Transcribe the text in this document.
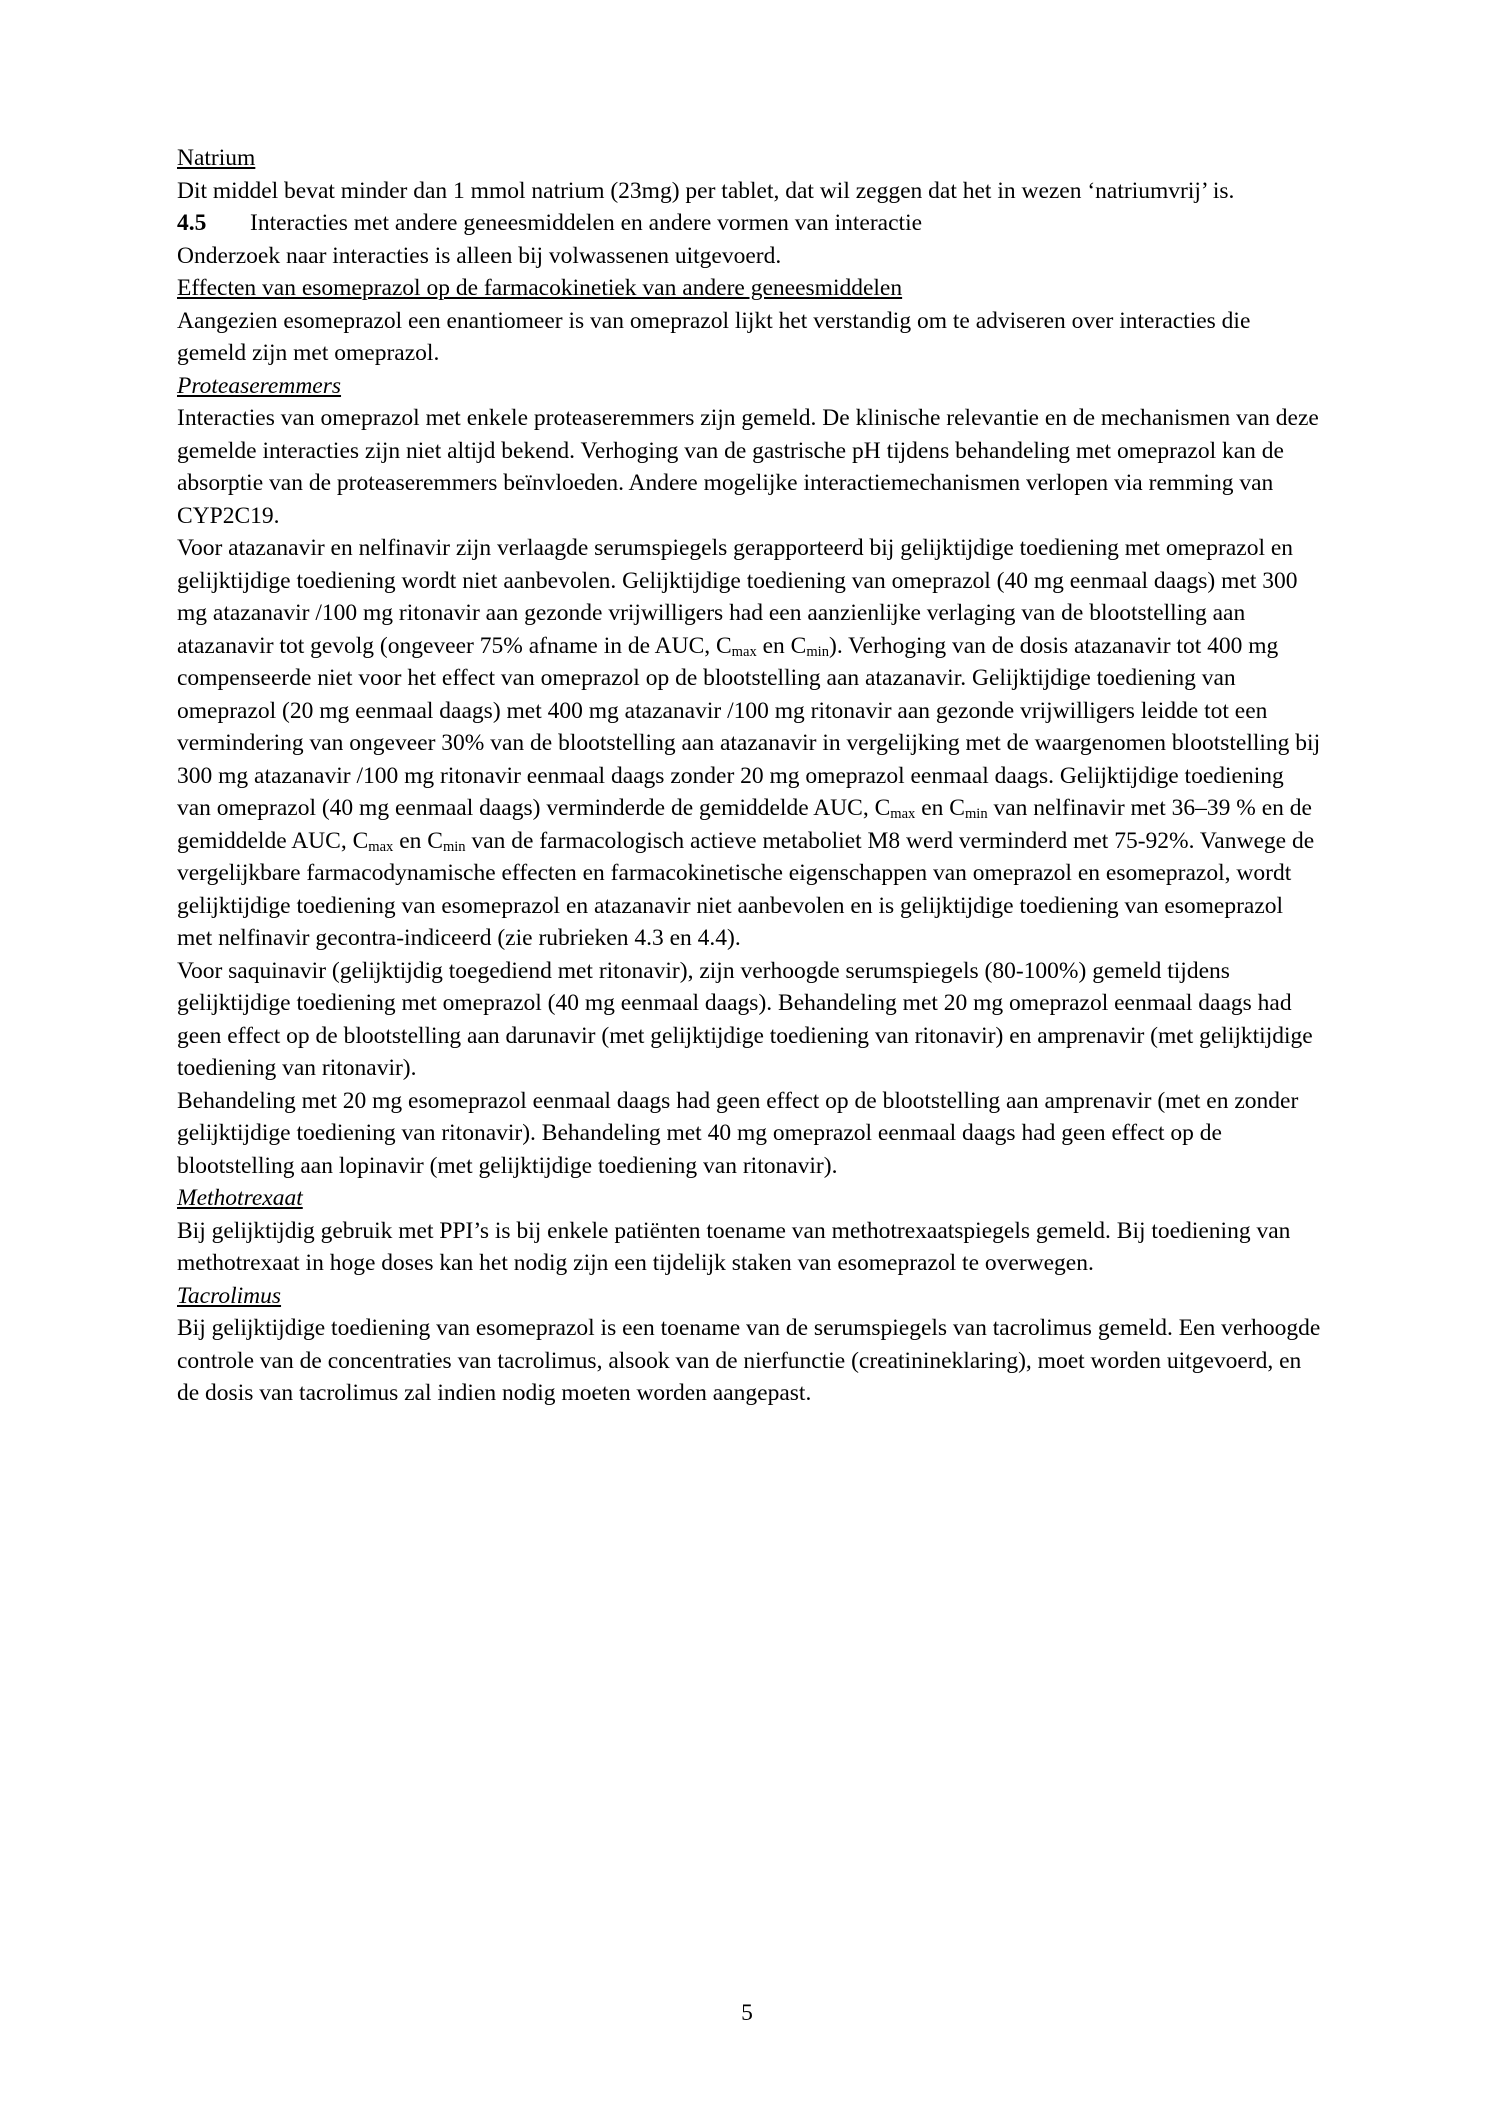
Natrium

Dit middel bevat minder dan 1 mmol natrium (23mg) per tablet, dat wil zeggen dat het in wezen ‘natriumvrij’ is.

4.5 Interacties met andere geneesmiddelen en andere vormen van interactie

Onderzoek naar interacties is alleen bij volwassenen uitgevoerd.

Effecten van esomeprazol op de farmacokinetiek van andere geneesmiddelen

Aangezien esomeprazol een enantiomeer is van omeprazol lijkt het verstandig om te adviseren over interacties die gemeld zijn met omeprazol.

Proteaseremmers

Interacties van omeprazol met enkele proteaseremmers zijn gemeld. De klinische relevantie en de mechanismen van deze gemelde interacties zijn niet altijd bekend. Verhoging van de gastrische pH tijdens behandeling met omeprazol kan de absorptie van de proteaseremmers beïnvloeden. Andere mogelijke interactiemechanismen verlopen via remming van CYP2C19.

Voor atazanavir en nelfinavir zijn verlaagde serumspiegels gerapporteerd bij gelijktijdige toediening met omeprazol en gelijktijdige toediening wordt niet aanbevolen. Gelijktijdige toediening van omeprazol (40 mg eenmaal daags) met 300 mg atazanavir /100 mg ritonavir aan gezonde vrijwilligers had een aanzienlijke verlaging van de blootstelling aan atazanavir tot gevolg (ongeveer 75% afname in de AUC, $C_{max}$ en $C_{min}$). Verhoging van de dosis atazanavir tot 400 mg compenseerde niet voor het effect van omeprazol op de blootstelling aan atazanavir. Gelijktijdige toediening van omeprazol (20 mg eenmaal daags) met 400 mg atazanavir /100 mg ritonavir aan gezonde vrijwilligers leidde tot een vermindering van ongeveer 30% van de blootstelling aan atazanavir in vergelijking met de waargenomen blootstelling bij 300 mg atazanavir /100 mg ritonavir eenmaal daags zonder 20 mg omeprazol eenmaal daags. Gelijktijdige toediening van omeprazol (40 mg eenmaal daags) verminderde de gemiddelde AUC, $C_{max}$ en $C_{min}$ van nelfinavir met 36–39 % en de gemiddelde AUC, $C_{max}$ en $C_{min}$ van de farmacologisch actieve metaboliet M8 werd verminderd met 75-92%. Vanwege de vergelijkbare farmacodynamische effecten en farmacokinetische eigenschappen van omeprazol en esomeprazol, wordt gelijktijdige toediening van esomeprazol en atazanavir niet aanbevolen en is gelijktijdige toediening van esomeprazol met nelfinavir gecontra-indiceerd (zie rubrieken 4.3 en 4.4).

Voor saquinavir (gelijktijdig toegediend met ritonavir), zijn verhoogde serumspiegels (80-100%) gemeld tijdens gelijktijdige toediening met omeprazol (40 mg eenmaal daags). Behandeling met 20 mg omeprazol eenmaal daags had geen effect op de blootstelling aan darunavir (met gelijktijdige toediening van ritonavir) en amprenavir (met gelijktijdige toediening van ritonavir).

Behandeling met 20 mg esomeprazol eenmaal daags had geen effect op de blootstelling aan amprenavir (met en zonder gelijktijdige toediening van ritonavir). Behandeling met 40 mg omeprazol eenmaal daags had geen effect op de blootstelling aan lopinavir (met gelijktijdige toediening van ritonavir).

Methotrexaat

Bij gelijktijdig gebruik met PPI’s is bij enkele patiënten toename van methotrexaatspiegels gemeld. Bij toediening van methotrexaat in hoge doses kan het nodig zijn een tijdelijk staken van esomeprazol te overwegen.

Tacrolimus

Bij gelijktijdige toediening van esomeprazol is een toename van de serumspiegels van tacrolimus gemeld. Een verhoogde controle van de concentraties van tacrolimus, alsook van de nierfunctie (creatinineklaring), moet worden uitgevoerd, en de dosis van tacrolimus zal indien nodig moeten worden aangepast.

5
